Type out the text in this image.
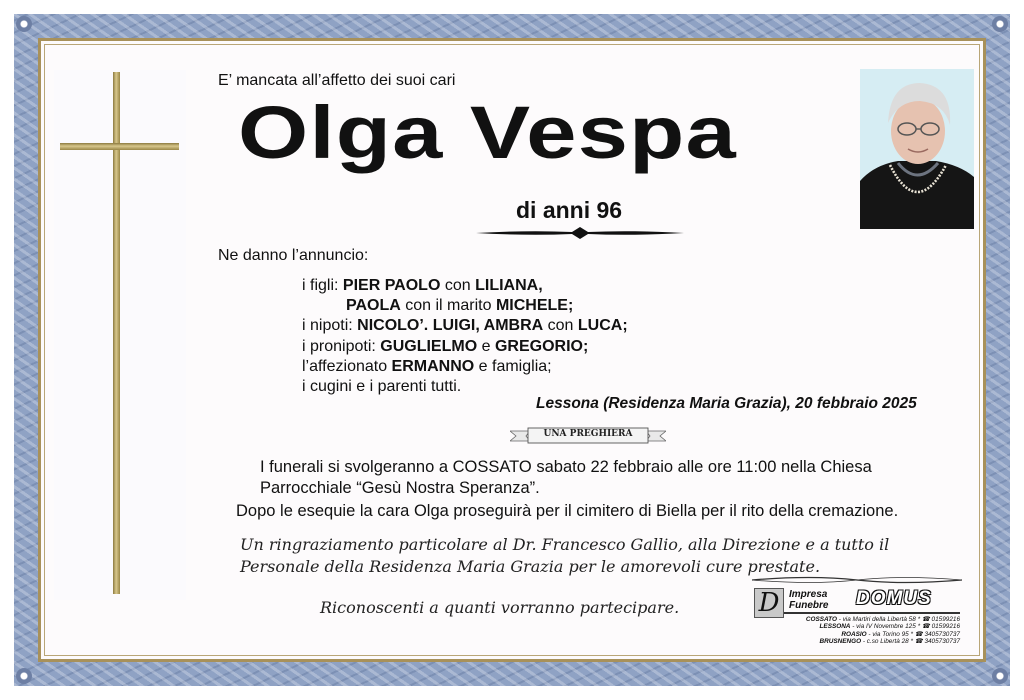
E’ mancata all’affetto dei suoi cari
Olga Vespa
di anni 96
Ne danno l’annuncio:
i figli: PIER PAOLO con LILIANA,
PAOLA con il marito MICHELE;
i nipoti: NICOLO’. LUIGI, AMBRA con LUCA;
i pronipoti: GUGLIELMO e GREGORIO;
l’affezionato ERMANNO e famiglia;
i cugini e i parenti tutti.
Lessona (Residenza Maria Grazia), 20 febbraio 2025
UNA PREGHIERA
I funerali si svolgeranno a COSSATO sabato 22 febbraio alle ore 11:00 nella Chiesa Parrocchiale “Gesù Nostra Speranza”.
Dopo le esequie la cara Olga proseguirà per il cimitero di Biella per il rito della cremazione.
Un ringraziamento particolare al Dr. Francesco Gallio, alla Direzione e a tutto il Personale della Residenza Maria Grazia per le amorevoli cure prestate.
Riconoscenti a quanti vorranno partecipare.	D Impresa Funebre	DOMUS
COSSATO - via Martiri della Libertà 58 * ☎ 01599216
LESSONA - via IV Novembre 125 * ☎ 01599216
ROASIO - via Torino 95 * ☎ 3405730737
BRUSNENGO - c.so Libertà 28 * ☎ 3405730737
